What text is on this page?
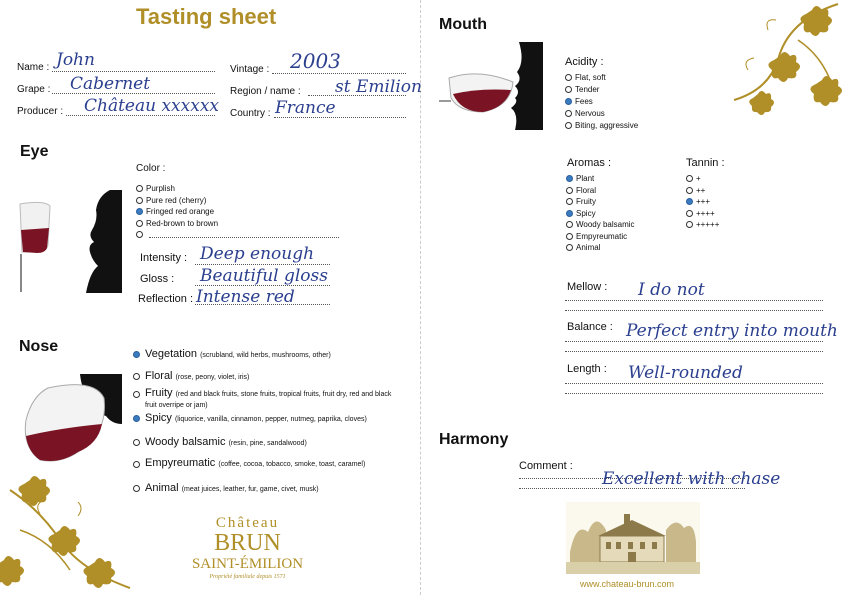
Tasting sheet
Name : John
Grape : Cabernet
Producer : Château xxxxxx
Vintage : 2003
Region / name : st Emilion
Country : France
Eye
Color :
Purplish
Pure red (cherry)
Fringed red orange
Red-brown to brown
Intensity : Deep enough
Gloss : Beautiful gloss
Reflection : Intense red
Nose	Vegetation (scrubland, wild herbs, mushrooms, other)
Floral (rose, peony, violet, iris)
Fruity (red and black fruits, stone fruits, tropical fruits, fruit dry, red and black fruit overripe or jam)
Spicy (liquorice, vanilla, cinnamon, pepper, nutmeg, paprika, cloves)
Woody balsamic (resin, pine, sandalwood)
Empyreumatic (coffee, cocoa, tobacco, smoke, toast, caramel)
Animal (meat juices, leather, fur, game, civet, musk)
Château
BRUN
SAINT-ÉMILION
Propriété familiale depuis 1571
Mouth
Acidity :
Flat, soft
Tender
Fees
Nervous
Biting, aggressive
Aromas :
Plant
Floral
Fruity
Spicy
Woody balsamic
Empyreumatic
Animal
Tannin :
+
++
+++
++++
+++++
Mellow : I do not
Balance : Perfect entry into mouth
Length : Well-rounded
Harmony
Comment :
Excellent with chase
www.chateau-brun.com
